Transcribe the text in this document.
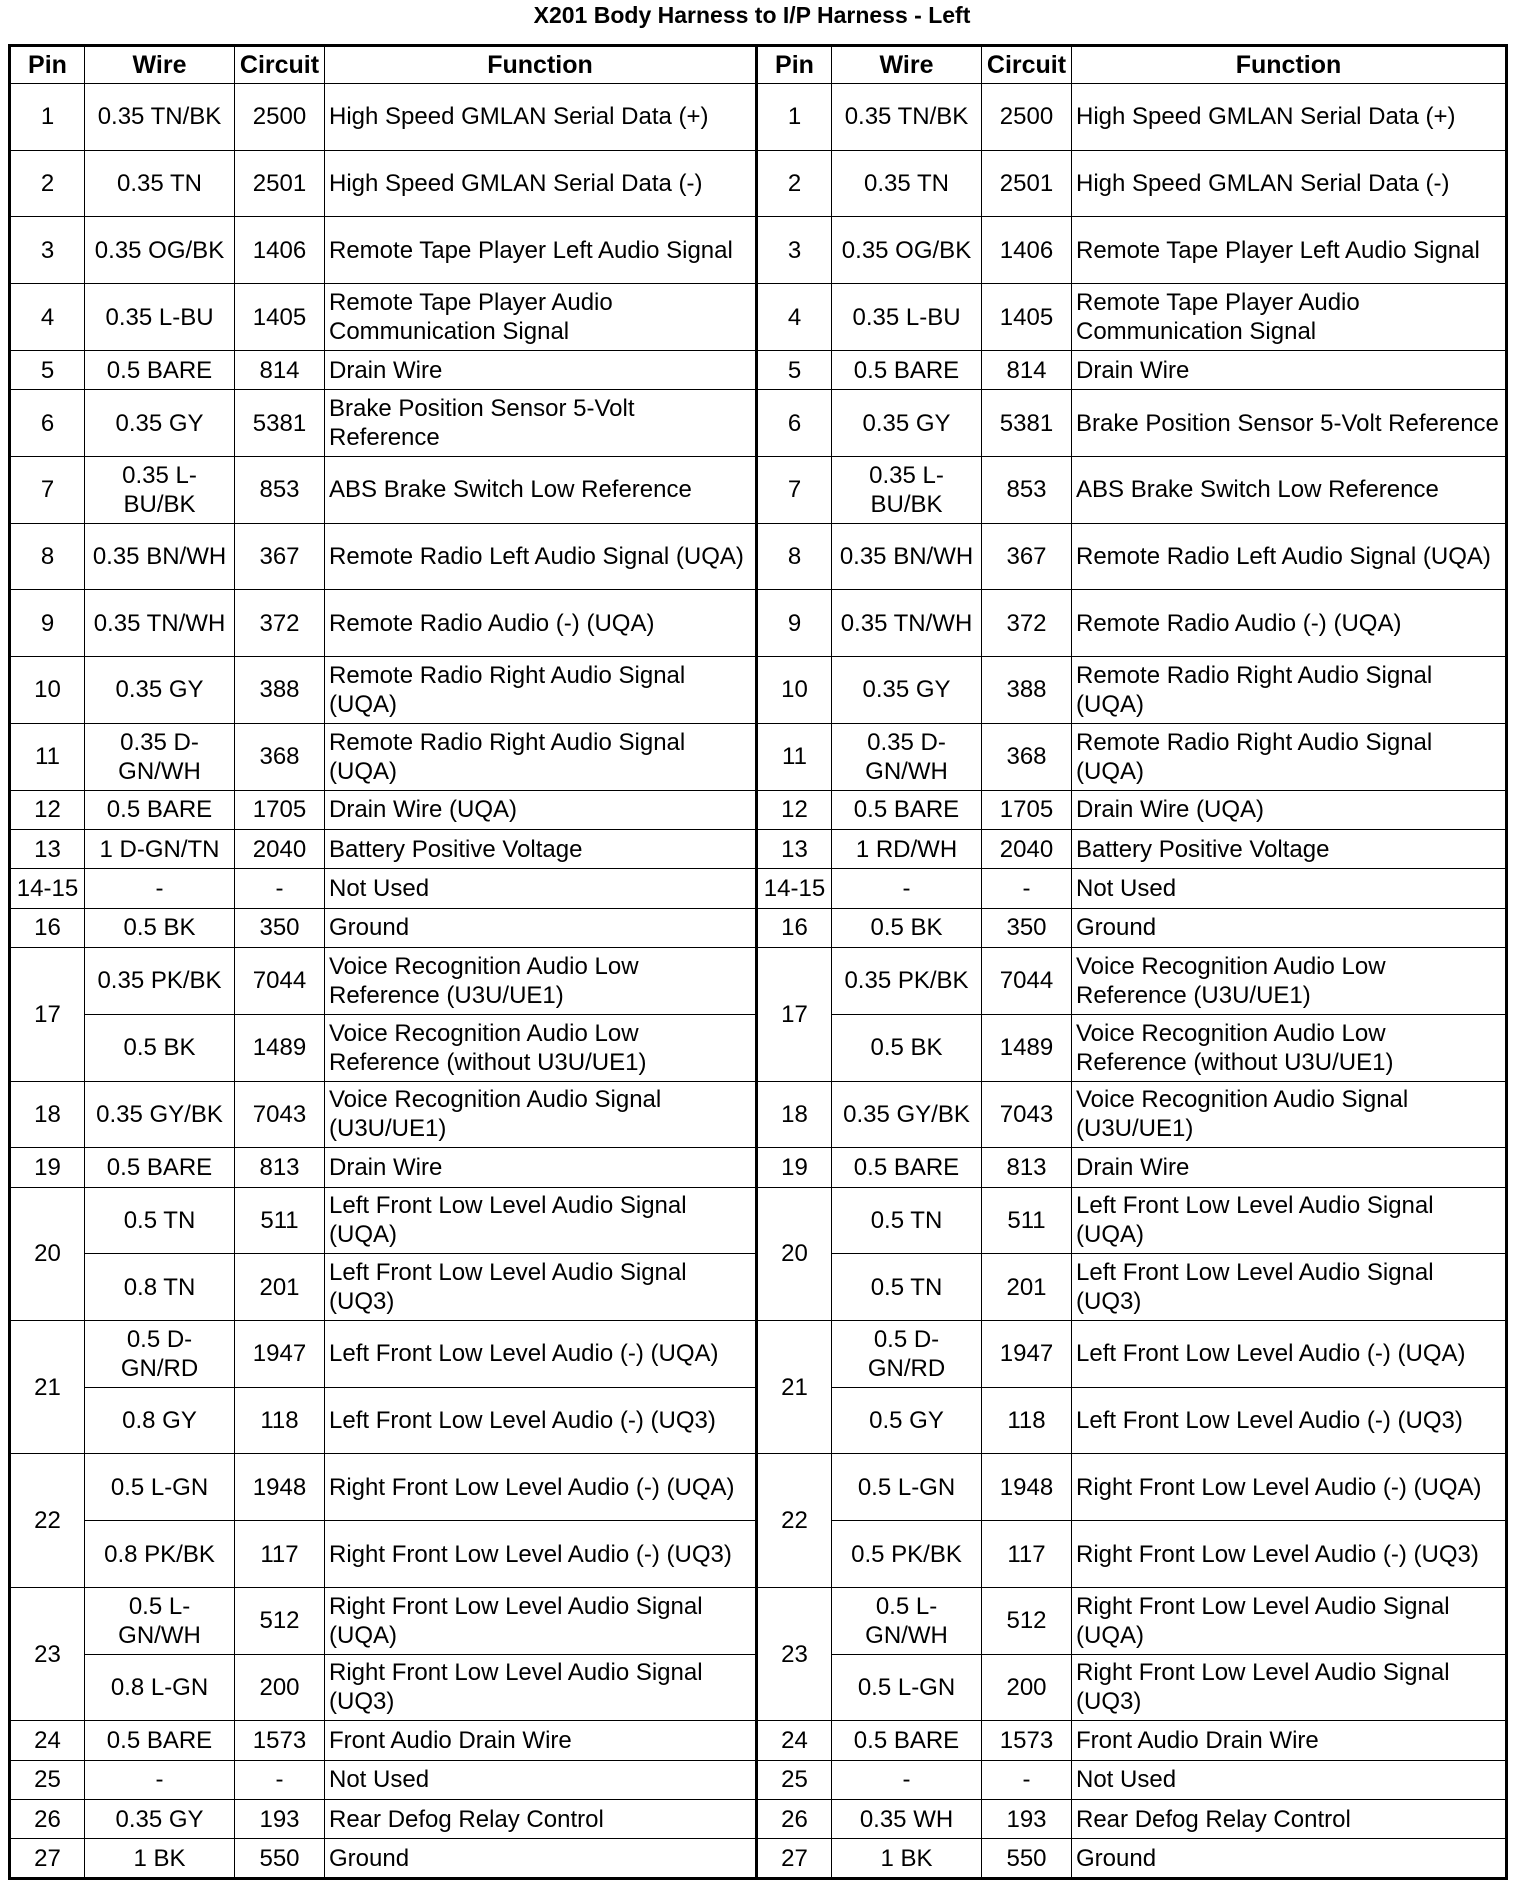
X201 Body Harness to I/P Harness - Left
Pin	Wire	Circuit	Function	Pin	Wire	Circuit	Function
1	0.35 TN/BK	2500	High Speed GMLAN Serial Data (+)	1	0.35 TN/BK	2500	High Speed GMLAN Serial Data (+)
2	0.35 TN	2501	High Speed GMLAN Serial Data (-)	2	0.35 TN	2501	High Speed GMLAN Serial Data (-)
3	0.35 OG/BK	1406	Remote Tape Player Left Audio Signal	3	0.35 OG/BK	1406	Remote Tape Player Left Audio Signal
4	0.35 L-BU	1405	Remote Tape Player Audio Communication Signal	4	0.35 L-BU	1405	Remote Tape Player Audio Communication Signal
5	0.5 BARE	814	Drain Wire	5	0.5 BARE	814	Drain Wire
6	0.35 GY	5381	Brake Position Sensor 5-Volt Reference	6	0.35 GY	5381	Brake Position Sensor 5-Volt Reference
7	0.35 L-BU/BK	853	ABS Brake Switch Low Reference	7	0.35 L-BU/BK	853	ABS Brake Switch Low Reference
8	0.35 BN/WH	367	Remote Radio Left Audio Signal (UQA)	8	0.35 BN/WH	367	Remote Radio Left Audio Signal (UQA)
9	0.35 TN/WH	372	Remote Radio Audio (-) (UQA)	9	0.35 TN/WH	372	Remote Radio Audio (-) (UQA)
10	0.35 GY	388	Remote Radio Right Audio Signal (UQA)	10	0.35 GY	388	Remote Radio Right Audio Signal (UQA)
11	0.35 D-GN/WH	368	Remote Radio Right Audio Signal (UQA)	11	0.35 D-GN/WH	368	Remote Radio Right Audio Signal (UQA)
12	0.5 BARE	1705	Drain Wire (UQA)	12	0.5 BARE	1705	Drain Wire (UQA)
13	1 D-GN/TN	2040	Battery Positive Voltage	13	1 RD/WH	2040	Battery Positive Voltage
14-15	-	-	Not Used	14-15	-	-	Not Used
16	0.5 BK	350	Ground	16	0.5 BK	350	Ground
17	0.35 PK/BK	7044	Voice Recognition Audio Low Reference (U3U/UE1)	17	0.35 PK/BK	7044	Voice Recognition Audio Low Reference (U3U/UE1)
	0.5 BK	1489	Voice Recognition Audio Low Reference (without U3U/UE1)		0.5 BK	1489	Voice Recognition Audio Low Reference (without U3U/UE1)
18	0.35 GY/BK	7043	Voice Recognition Audio Signal (U3U/UE1)	18	0.35 GY/BK	7043	Voice Recognition Audio Signal (U3U/UE1)
19	0.5 BARE	813	Drain Wire	19	0.5 BARE	813	Drain Wire
20	0.5 TN	511	Left Front Low Level Audio Signal (UQA)	20	0.5 TN	511	Left Front Low Level Audio Signal (UQA)
	0.8 TN	201	Left Front Low Level Audio Signal (UQ3)		0.5 TN	201	Left Front Low Level Audio Signal (UQ3)
21	0.5 D-GN/RD	1947	Left Front Low Level Audio (-) (UQA)	21	0.5 D-GN/RD	1947	Left Front Low Level Audio (-) (UQA)
	0.8 GY	118	Left Front Low Level Audio (-) (UQ3)		0.5 GY	118	Left Front Low Level Audio (-) (UQ3)
22	0.5 L-GN	1948	Right Front Low Level Audio (-) (UQA)	22	0.5 L-GN	1948	Right Front Low Level Audio (-) (UQA)
	0.8 PK/BK	117	Right Front Low Level Audio (-) (UQ3)		0.5 PK/BK	117	Right Front Low Level Audio (-) (UQ3)
23	0.5 L-GN/WH	512	Right Front Low Level Audio Signal (UQA)	23	0.5 L-GN/WH	512	Right Front Low Level Audio Signal (UQA)
	0.8 L-GN	200	Right Front Low Level Audio Signal (UQ3)		0.5 L-GN	200	Right Front Low Level Audio Signal (UQ3)
24	0.5 BARE	1573	Front Audio Drain Wire	24	0.5 BARE	1573	Front Audio Drain Wire
25	-	-	Not Used	25	-	-	Not Used
26	0.35 GY	193	Rear Defog Relay Control	26	0.35 WH	193	Rear Defog Relay Control
27	1 BK	550	Ground	27	1 BK	550	Ground
